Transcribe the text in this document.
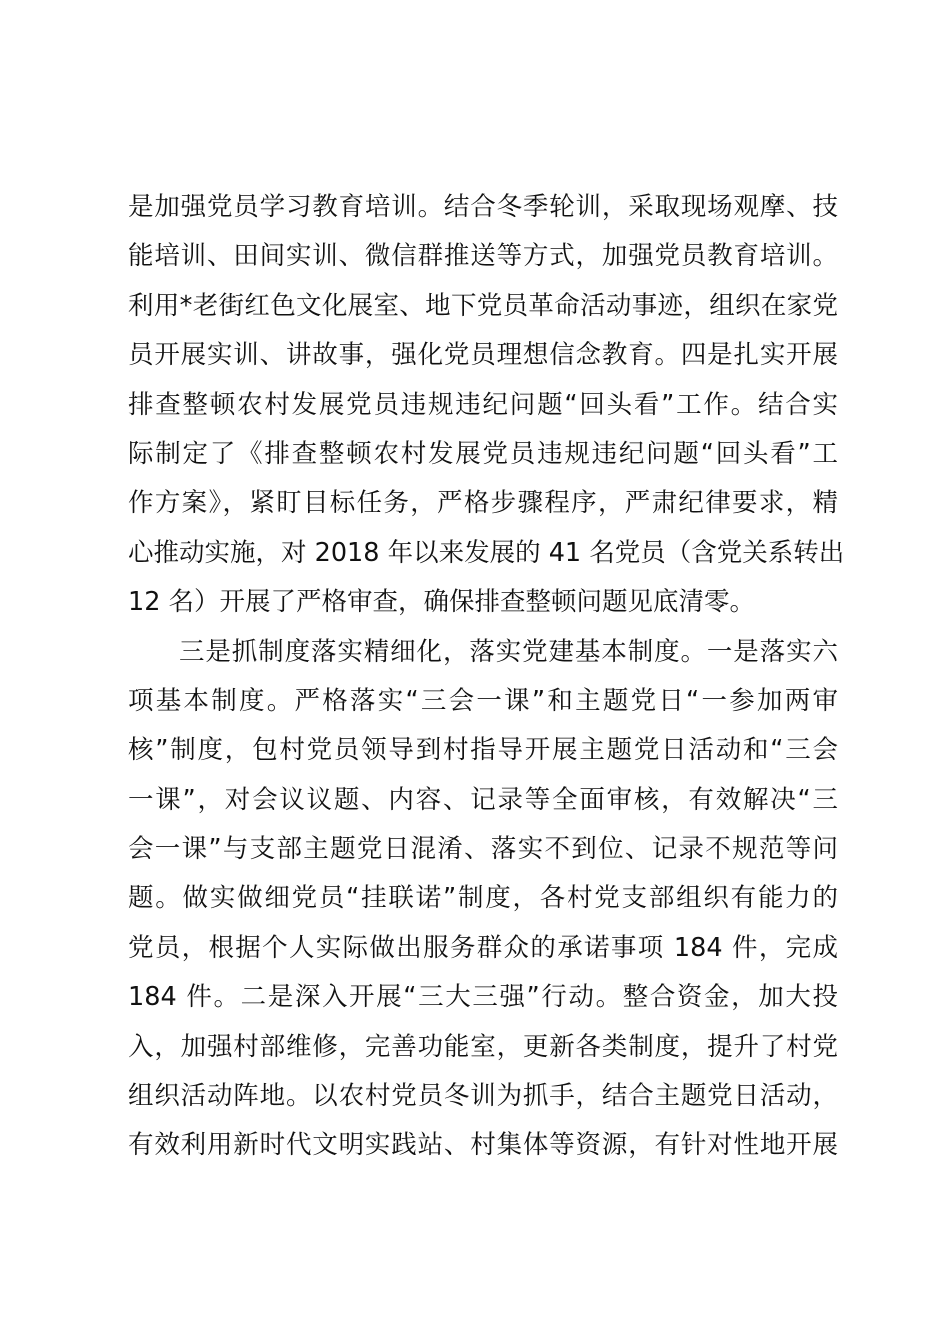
是加强党员学习教育培训。结合冬季轮训，采取现场观摩、技
能培训、田间实训、微信群推送等方式，加强党员教育培训。
利用*老街红色文化展室、地下党员革命活动事迹，组织在家党
员开展实训、讲故事，强化党员理想信念教育。四是扎实开展
排查整顿农村发展党员违规违纪问题“回头看”工作。结合实
际制定了《排查整顿农村发展党员违规违纪问题“回头看”工
作方案》，紧盯目标任务，严格步骤程序，严肃纪律要求，精
心推动实施，对 2018 年以来发展的 41 名党员（含党关系转出
12 名）开展了严格审查，确保排查整顿问题见底清零。
三是抓制度落实精细化，落实党建基本制度。一是落实六
项基本制度。严格落实“三会一课”和主题党日“一参加两审
核”制度，包村党员领导到村指导开展主题党日活动和“三会
一课”，对会议议题、内容、记录等全面审核，有效解决“三
会一课”与支部主题党日混淆、落实不到位、记录不规范等问
题。做实做细党员“挂联诺”制度，各村党支部组织有能力的
党员，根据个人实际做出服务群众的承诺事项 184 件，完成
184 件。二是深入开展“三大三强”行动。整合资金，加大投
入，加强村部维修，完善功能室，更新各类制度，提升了村党
组织活动阵地。以农村党员冬训为抓手，结合主题党日活动，
有效利用新时代文明实践站、村集体等资源，有针对性地开展
